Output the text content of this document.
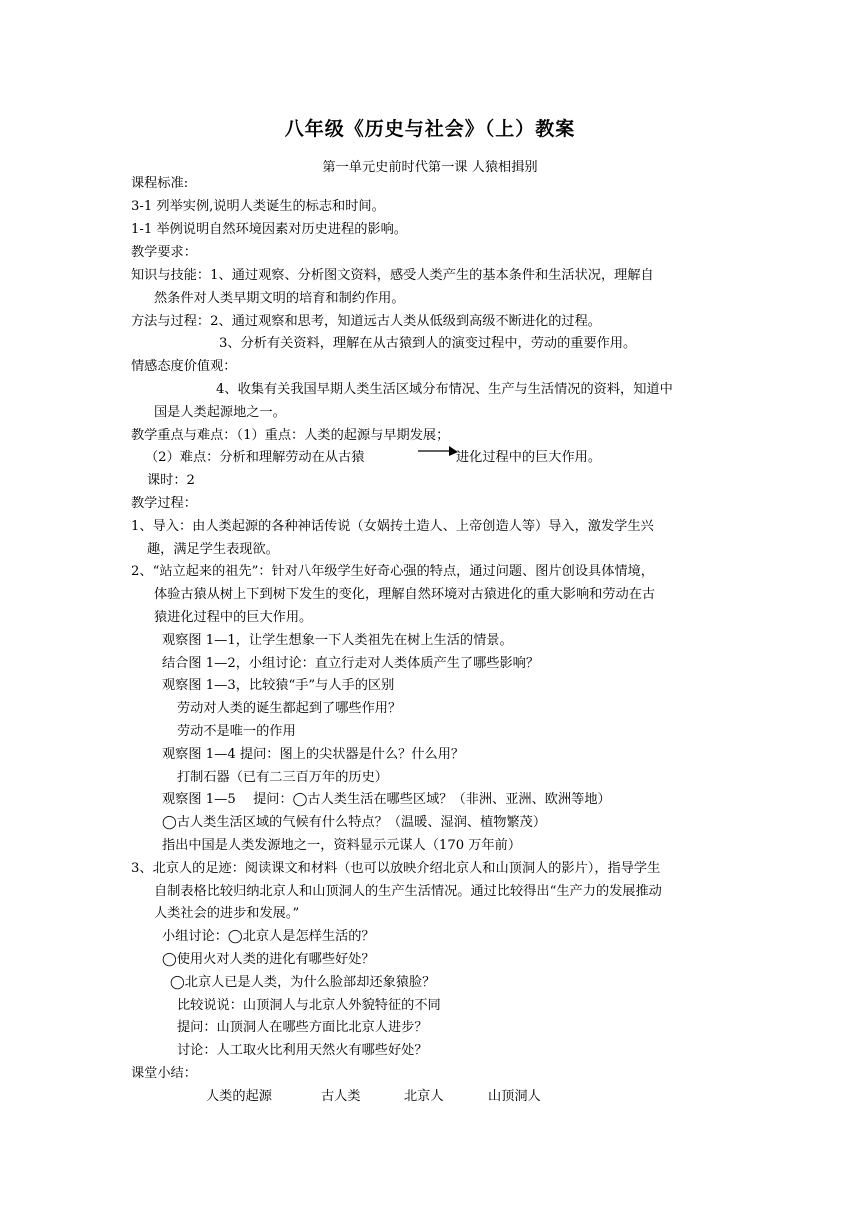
八年级《历史与社会》（上）教案
第一单元史前时代第一课 人猿相揖别
课程标准:
3-1 列举实例,说明人类诞生的标志和时间。
1-1 举例说明自然环境因素对历史进程的影响。
教学要求：
知识与技能：1、通过观察、分析图文资料，感受人类产生的基本条件和生活状况，理解自
然条件对人类早期文明的培育和制约作用。
方法与过程：2、通过观察和思考，知道远古人类从低级到高级不断进化的过程。
3、分析有关资料，理解在从古猿到人的演变过程中，劳动的重要作用。
情感态度价值观：
4、收集有关我国早期人类生活区域分布情况、生产与生活情况的资料，知道中
国是人类起源地之一。
教学重点与难点：（1）重点：人类的起源与早期发展；
（2）难点：分析和理解劳动在从古猿	进化过程中的巨大作用。
课时：2
教学过程：
1、导入：由人类起源的各种神话传说（女娲抟土造人、上帝创造人等）导入，激发学生兴
趣，满足学生表现欲。
2、“站立起来的祖先”：针对八年级学生好奇心强的特点，通过问题、图片创设具体情境，
体验古猿从树上下到树下发生的变化，理解自然环境对古猿进化的重大影响和劳动在古
猿进化过程中的巨大作用。
观察图 1—1，让学生想象一下人类祖先在树上生活的情景。
结合图 1—2，小组讨论：直立行走对人类体质产生了哪些影响？
观察图 1—3，比较猿“手”与人手的区别
劳动对人类的诞生都起到了哪些作用？
劳动不是唯一的作用
观察图 1—4 提问：图上的尖状器是什么？什么用？
打制石器（已有二三百万年的历史）
观察图 1—5　 提问：◯古人类生活在哪些区域？（非洲、亚洲、欧洲等地）
◯古人类生活区域的气候有什么特点？（温暖、湿润、植物繁茂）
指出中国是人类发源地之一，资料显示元谋人（170 万年前）
3、北京人的足迹：阅读课文和材料（也可以放映介绍北京人和山顶洞人的影片），指导学生
自制表格比较归纳北京人和山顶洞人的生产生活情况。通过比较得出“生产力的发展推动
人类社会的进步和发展。”
小组讨论：◯北京人是怎样生活的？
◯使用火对人类的进化有哪些好处？
◯北京人已是人类，为什么脸部却还象猿脸？
比较说说：山顶洞人与北京人外貌特征的不同
提问：山顶洞人在哪些方面比北京人进步？
讨论：人工取火比利用天然火有哪些好处？
课堂小结：
人类的起源	古人类	北京人	山顶洞人
